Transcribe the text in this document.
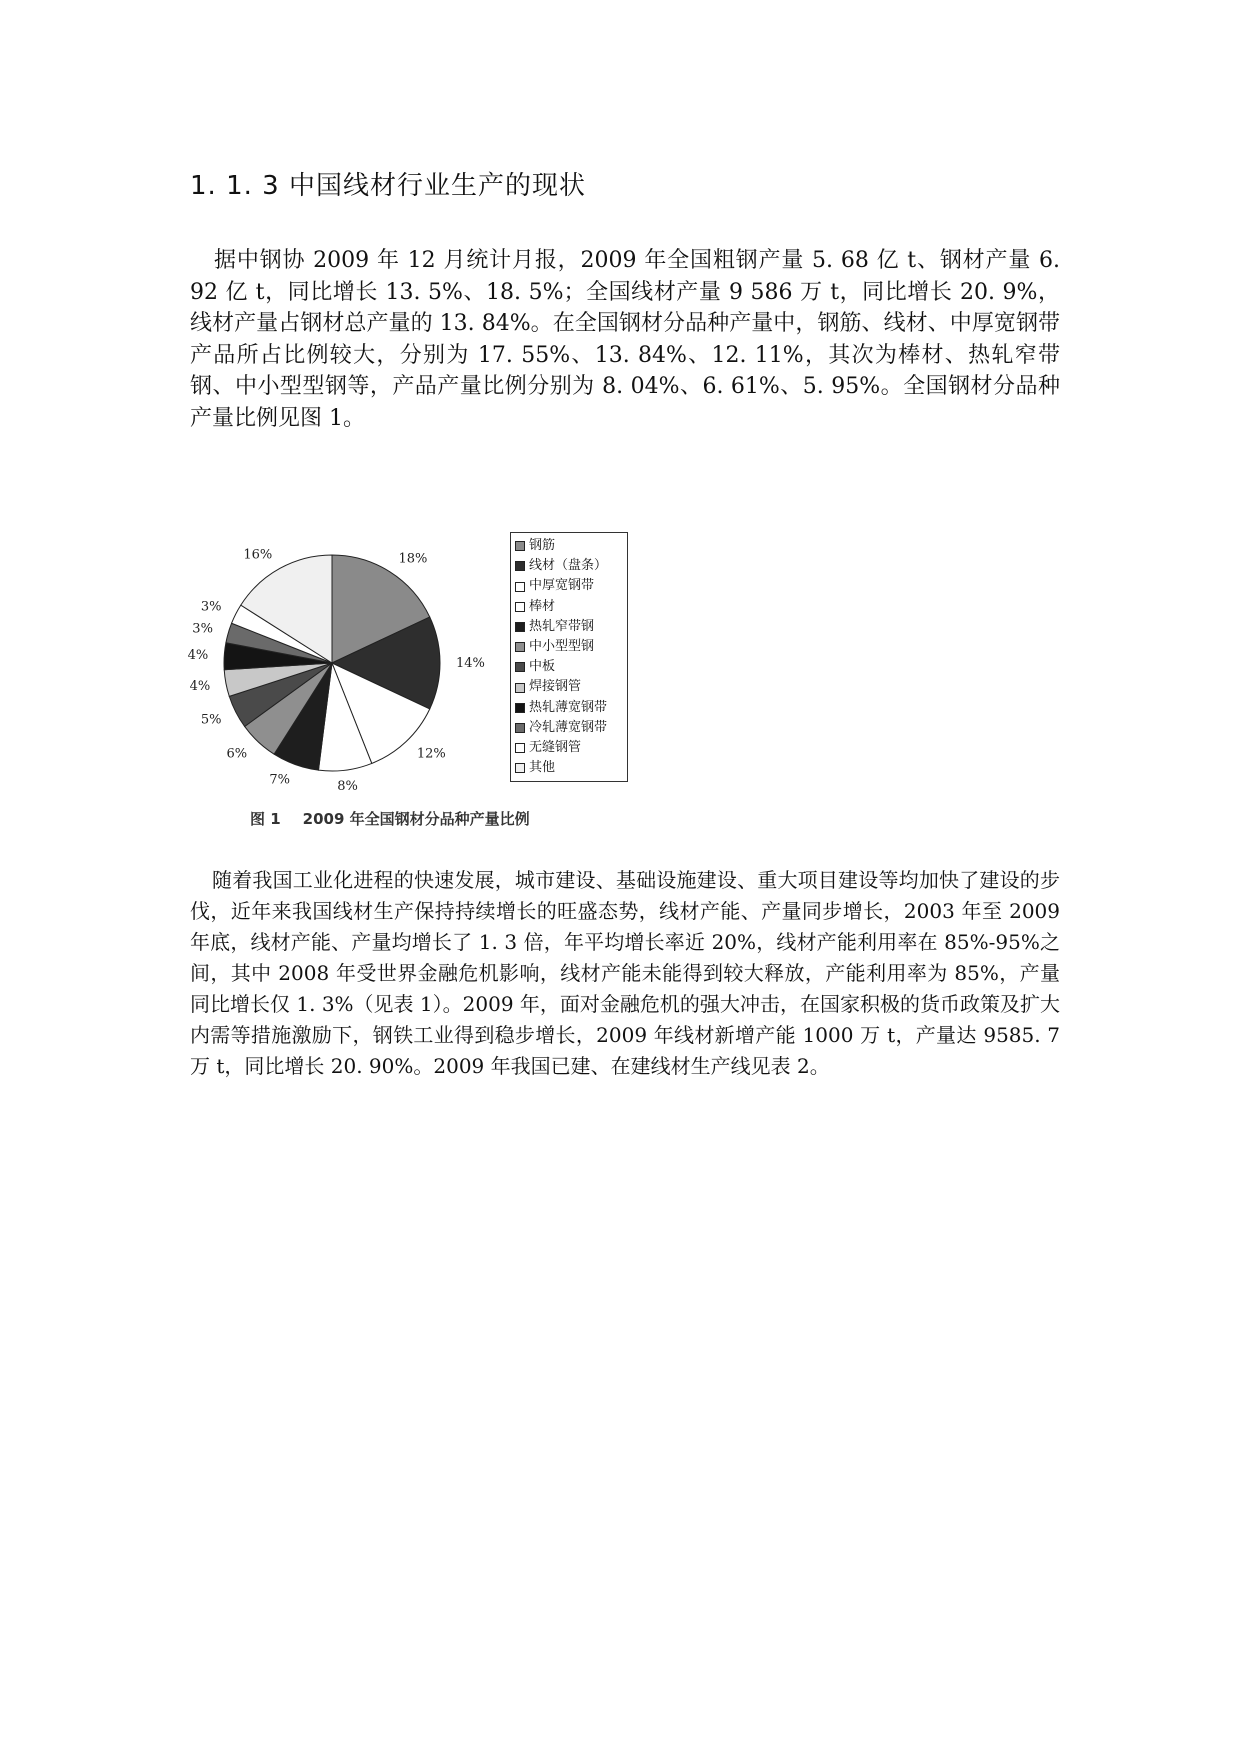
1. 1. 3 中国线材行业生产的现状

据中钢协 2009 年 12 月统计月报，2009 年全国粗钢产量 5. 68 亿 t、钢材产量 6. 92 亿 t，同比增长 13. 5%、18. 5%；全国线材产量 9 586 万 t，同比增长 20. 9%，线材产量占钢材总产量的 13. 84%。在全国钢材分品种产量中，钢筋、线材、中厚宽钢带产品所占比例较大，分别为 17. 55%、13. 84%、12. 11%，其次为棒材、热轧窄带钢、中小型型钢等，产品产量比例分别为 8. 04%、6. 61%、5. 95%。全国钢材分品种产量比例见图 1。

18%
14%
12%
8%
7%
6%
5%
4%
4%
3%
3%
16%
钢筋
线材（盘条）
中厚宽钢带
棒材
热轧窄带钢
中小型型钢
中板
焊接钢管
热轧薄宽钢带
冷轧薄宽钢带
无缝钢管
其他
图 1 2009 年全国钢材分品种产量比例

随着我国工业化进程的快速发展，城市建设、基础设施建设、重大项目建设等均加快了建设的步伐，近年来我国线材生产保持持续增长的旺盛态势，线材产能、产量同步增长，2003 年至 2009 年底，线材产能、产量均增长了 1. 3 倍，年平均增长率近 20%，线材产能利用率在 85%-95%之间，其中 2008 年受世界金融危机影响，线材产能未能得到较大释放，产能利用率为 85%，产量同比增长仅 1. 3%（见表 1）。2009 年，面对金融危机的强大冲击，在国家积极的货币政策及扩大内需等措施激励下，钢铁工业得到稳步增长，2009 年线材新增产能 1000 万 t，产量达 9585. 7 万 t，同比增长 20. 90%。2009 年我国已建、在建线材生产线见表 2。
